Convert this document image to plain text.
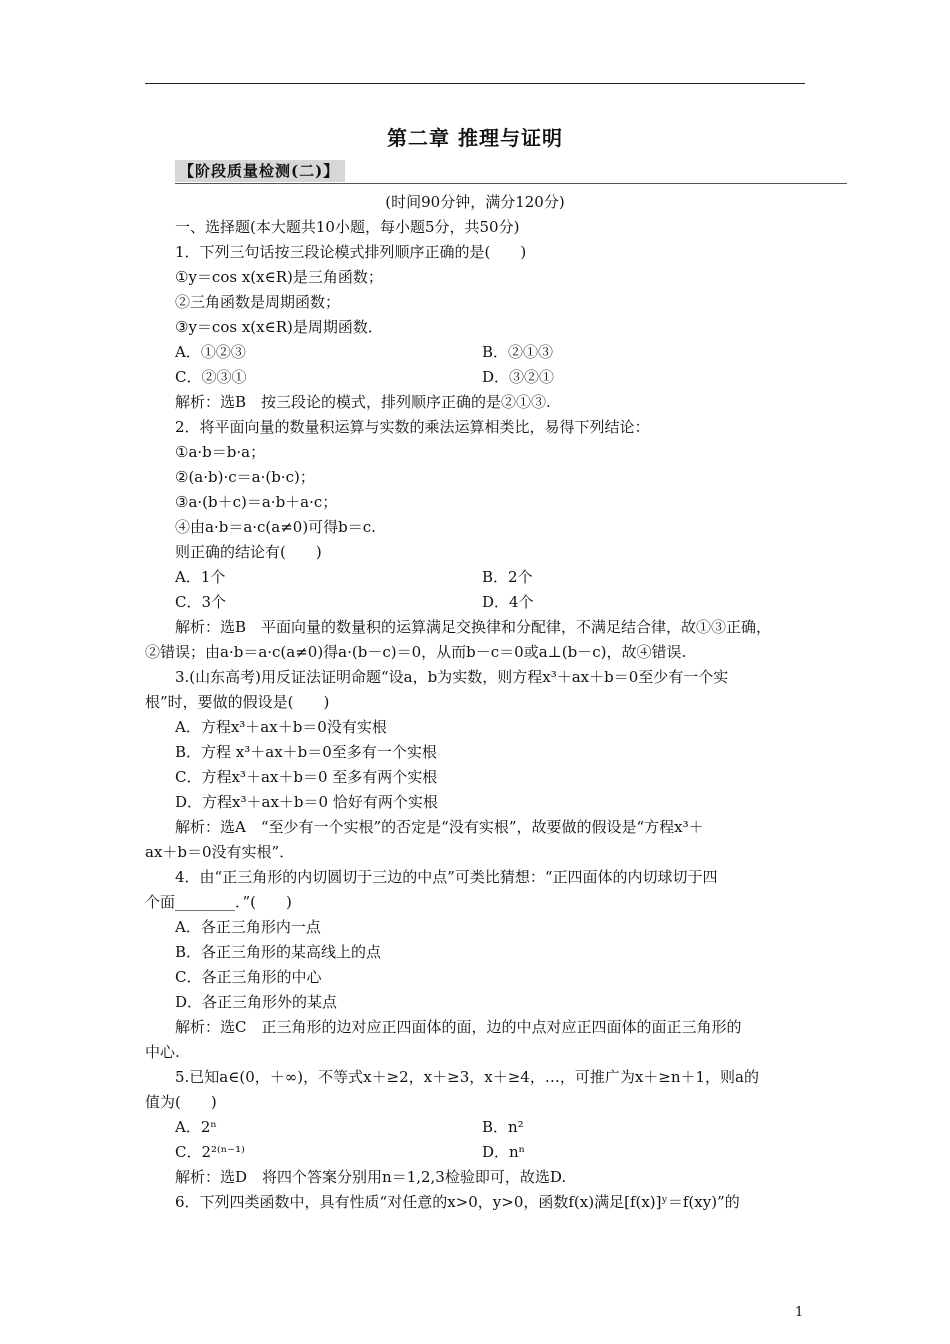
第二章 推理与证明
【阶段质量检测(二)】
(时间90分钟，满分120分)
一、选择题(本大题共10小题，每小题5分，共50分)
1．下列三句话按三段论模式排列顺序正确的是(　　)
①y＝cos x(x∈R)是三角函数；
②三角函数是周期函数；
③y＝cos x(x∈R)是周期函数．
A．①②③	B．②①③
C．②③①	D．③②①
解析：选B　按三段论的模式，排列顺序正确的是②①③.
2．将平面向量的数量积运算与实数的乘法运算相类比，易得下列结论：
①a·b＝b·a；
②(a·b)·c＝a·(b·c)；
③a·(b＋c)＝a·b＋a·c；
④由a·b＝a·c(a≠0)可得b＝c.
则正确的结论有(　　)
A．1个	B．2个
C．3个	D．4个
解析：选B　平面向量的数量积的运算满足交换律和分配律，不满足结合律，故①③正确，
②错误；由a·b＝a·c(a≠0)得a·(b－c)＝0，从而b－c＝0或a⊥(b－c)，故④错误.
3.(山东高考)用反证法证明命题“设a，b为实数，则方程x³＋ax＋b＝0至少有一个实
根”时，要做的假设是(　　)
A．方程x³＋ax＋b＝0没有实根
B．方程 x³＋ax＋b＝0至多有一个实根
C．方程x³＋ax＋b＝0 至多有两个实根
D．方程x³＋ax＋b＝0 恰好有两个实根
解析：选A　“至少有一个实根”的否定是“没有实根”，故要做的假设是“方程x³＋
ax＋b＝0没有实根”．
4．由“正三角形的内切圆切于三边的中点”可类比猜想：“正四面体的内切球切于四
个面________．”(　　)
A．各正三角形内一点
B．各正三角形的某高线上的点
C．各正三角形的中心
D．各正三角形外的某点
解析：选C　正三角形的边对应正四面体的面，边的中点对应正四面体的面正三角形的
中心.
5.已知a∈(0，＋∞)，不等式x＋≥2，x＋≥3，x＋≥4，…，可推广为x＋≥n＋1，则a的
值为(　　)
A．2ⁿ	B．n²
C．2²⁽ⁿ⁻¹⁾	D．nⁿ
解析：选D　将四个答案分别用n＝1,2,3检验即可，故选D.
6．下列四类函数中，具有性质“对任意的x>0，y>0，函数f(x)满足[f(x)]ʸ＝f(xy)”的
1
